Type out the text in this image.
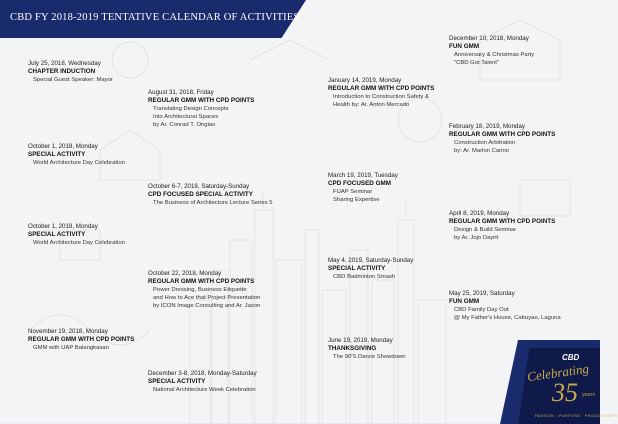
CBD FY 2018-2019 TENTATIVE CALENDAR OF ACTIVITIES
July 25, 2018, Wednesday
CHAPTER INDUCTION
Special Guest Speaker: Mayor
October 1, 2018, Monday
SPECIAL ACTIVITY
World Architecture Day Celebration
October 1, 2018, Monday
SPECIAL ACTIVITY
World Architecture Day Celebration
November 19, 2018, Monday
REGULAR GMM WITH CPD POINTS
GMM with UAP Balangkasan
August 31, 2018, Friday
REGULAR GMM WITH CPD POINTS
Translating Design Concepts
Into Architectural Spaces
by Ar. Conrad T. Ongiao
October 6-7, 2018, Saturday-Sunday
CPD FOCUSED SPECIAL ACTIVITY
The Business of Architecture Lecture Series 5
October 22, 2018, Monday
REGULAR GMM WITH CPD POINTS
Power Dressing, Business Etiquette
and How to Ace that Project Presentation
by ICON Image Consulting and Ar. Jason
December 3-8, 2018, Monday-Saturday
SPECIAL ACTIVITY
National Architecture Week Celebration
January 14, 2019, Monday
REGULAR GMM WITH CPD POINTS
Introduction to Construction Safety &
Health by: Ar. Anton Mercado
March 19, 2019, Tuesday
CPD FOCUSED GMM
FUAP Seminar
Sharing Expertise
May 4, 2019, Saturday-Sunday
SPECIAL ACTIVITY
CBD Badminton Smash
June 19, 2019, Monday
THANKSGIVING
The 90'S Dance Showdown
December 10, 2018, Monday
FUN GMM
Anniversary & Christmas Party
"CBD Got Talent"
February 18, 2019, Monday
REGULAR GMM WITH CPD POINTS
Construction Arbitration
by: Ar. Marlon Carino
April 8, 2019, Monday
REGULAR GMM WITH CPD POINTS
Design & Build Seminar
by Ar. Jojo Dayrit
May 25, 2019, Saturday
FUN GMM
CBD Family Day Out
@ My Father's House, Cabuyao, Laguna
CBD
Celebrating
35 years
PASSION · PURPOSE · PRODUCTIVITY
